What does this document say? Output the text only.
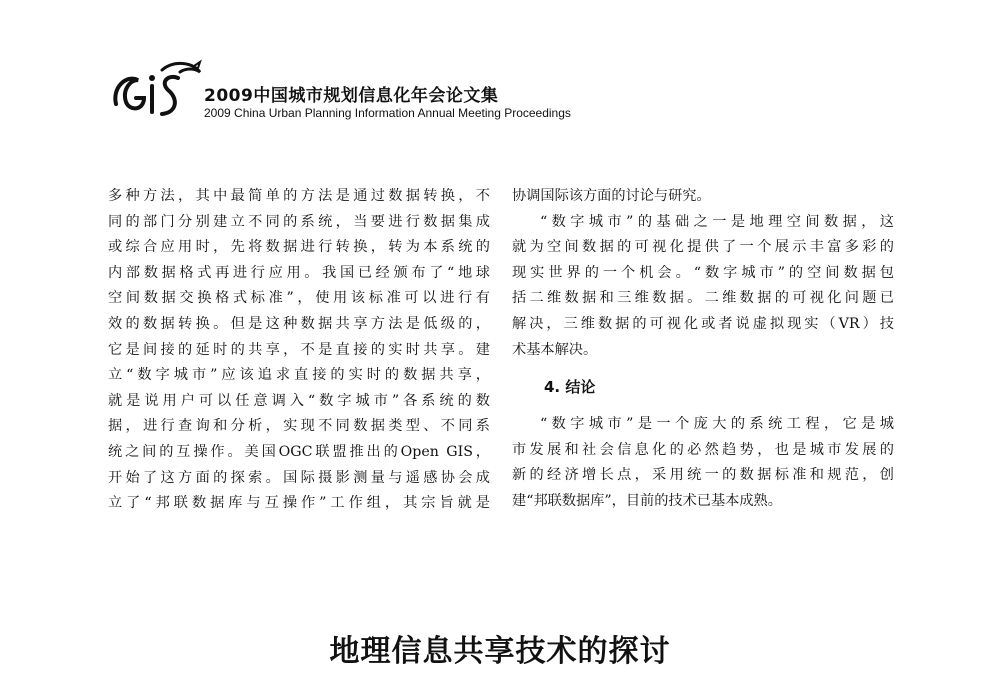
2009中国城市规划信息化年会论文集
2009 China Urban Planning Information Annual Meeting Proceedings
多种方法，其中最简单的方法是通过数据转换，不
同的部门分别建立不同的系统，当要进行数据集成
或综合应用时，先将数据进行转换，转为本系统的
内部数据格式再进行应用。我国已经颁布了“地球
空间数据交换格式标准”，使用该标准可以进行有
效的数据转换。但是这种数据共享方法是低级的，
它是间接的延时的共享，不是直接的实时共享。建
立“数字城市”应该追求直接的实时的数据共享，
就是说用户可以任意调入“数字城市”各系统的数
据，进行查询和分析，实现不同数据类型、不同系
统之间的互操作。美国OGC联盟推出的Open GIS，
开始了这方面的探索。国际摄影测量与遥感协会成
立了“邦联数据库与互操作”工作组，其宗旨就是
协调国际该方面的讨论与研究。
“数字城市”的基础之一是地理空间数据，这
就为空间数据的可视化提供了一个展示丰富多彩的
现实世界的一个机会。“数字城市”的空间数据包
括二维数据和三维数据。二维数据的可视化问题已
解决，三维数据的可视化或者说虚拟现实（VR）技
术基本解决。
4. 结论
“数字城市”是一个庞大的系统工程，它是城
市发展和社会信息化的必然趋势，也是城市发展的
新的经济增长点，采用统一的数据标准和规范，创
建“邦联数据库”，目前的技术已基本成熟。
地理信息共享技术的探讨
